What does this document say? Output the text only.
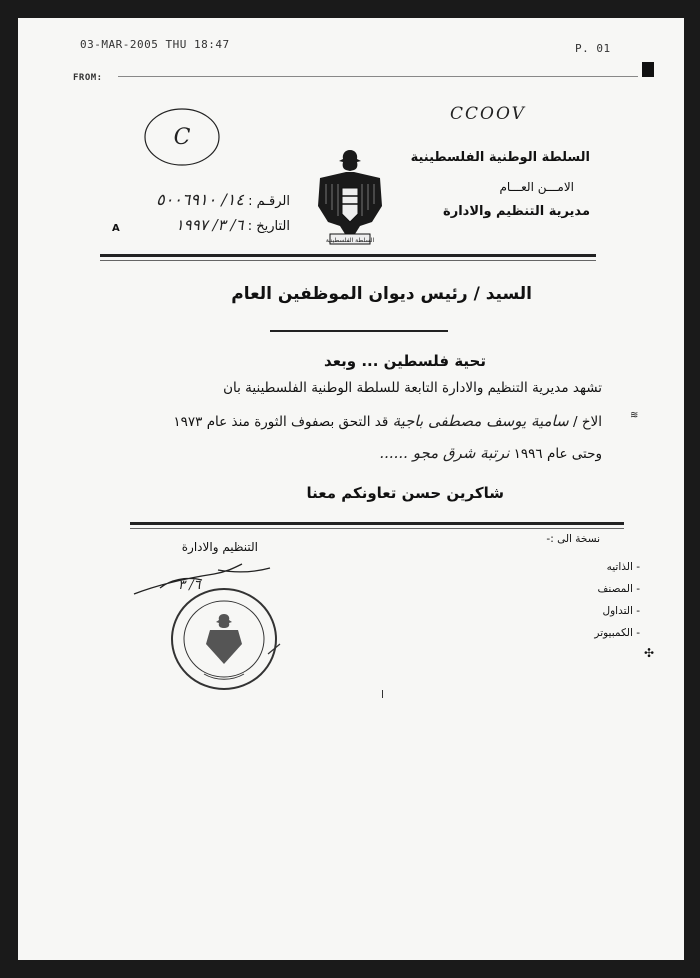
03-MAR-2005 THU 18:47	P. 01
FROM:
CCOOV
C
السلطة الوطنية الفلسطينية
الامـــن العـــام
مديرية التنظيم والادارة
السلطة الفلسطينية
الرقـم : ١٤/ ٥٠٠٦٩١٠
التاريخ : ٦/ ٣/ ١٩٩٧
A
السيد / رئيس ديوان الموظفين العام
تحية فلسطين ... وبعد
تشهد مديرية التنظيم والادارة التابعة للسلطة الوطنية الفلسطينية بان
الاخ / سامية يوسف مصطفى باجية قد التحق بصفوف الثورة منذ عام ١٩٧٣
وحتى عام ١٩٩٦ نرتبة شرق مجو ......
شاكرين حسن تعاونكم معنا
نسخة الى :-
- الذاتيه
- المصنف
- التداول
- الكمبيوتر
✣
≋
التنظيم والادارة
٦/ ٣
